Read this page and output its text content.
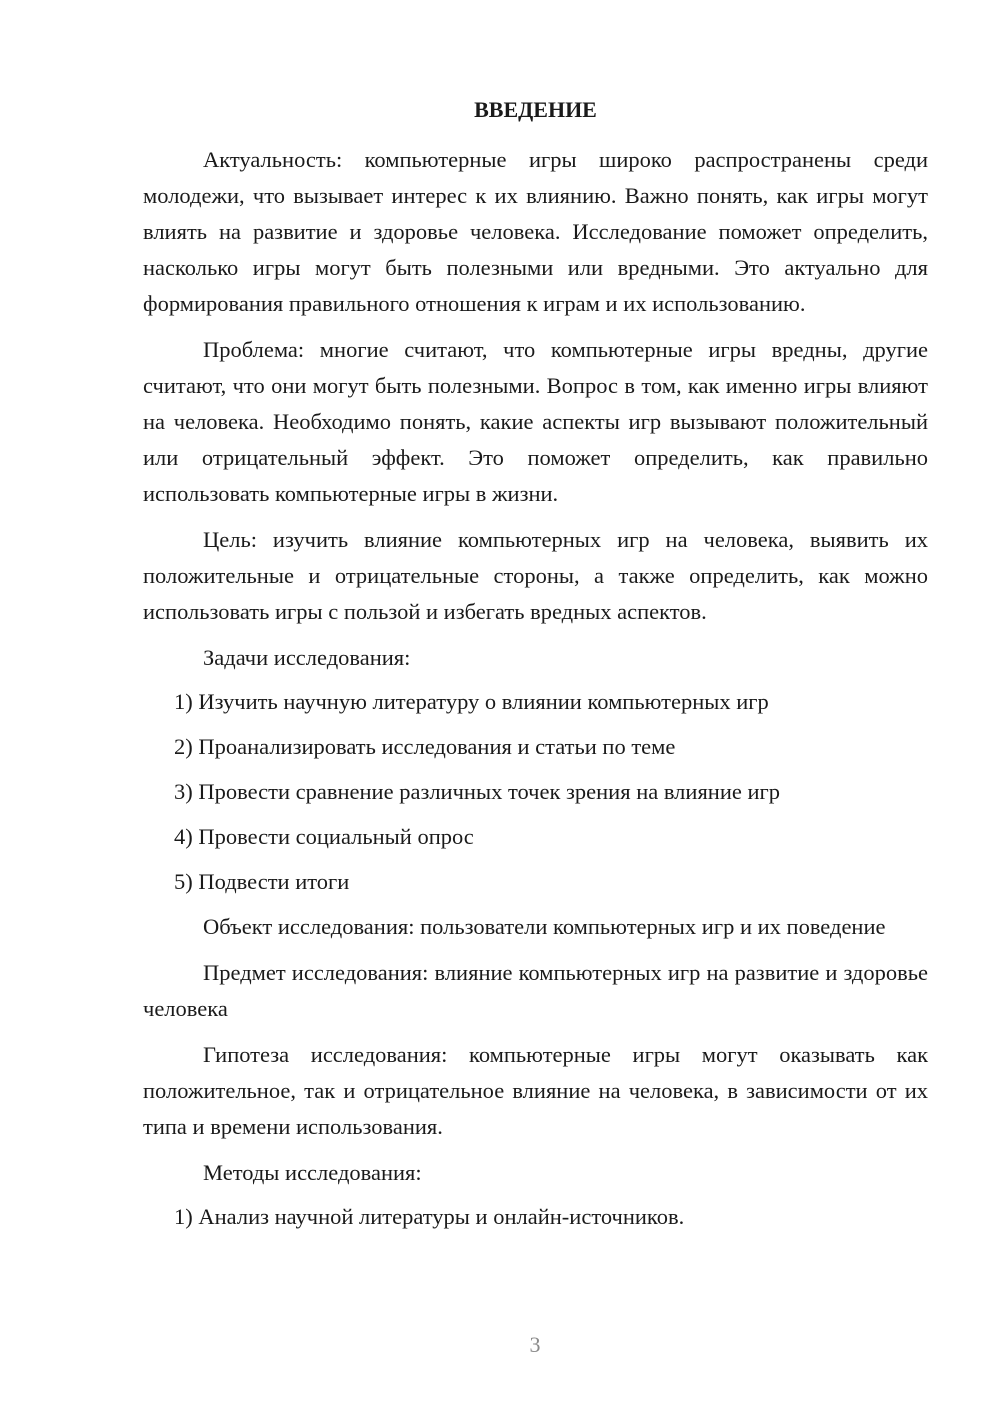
ВВЕДЕНИЕ

Актуальность: компьютерные игры широко распространены среди молодежи, что вызывает интерес к их влиянию. Важно понять, как игры могут влиять на развитие и здоровье человека. Исследование поможет определить, насколько игры могут быть полезными или вредными. Это актуально для формирования правильного отношения к играм и их использованию.

Проблема: многие считают, что компьютерные игры вредны, другие считают, что они могут быть полезными. Вопрос в том, как именно игры влияют на человека. Необходимо понять, какие аспекты игр вызывают положительный или отрицательный эффект. Это поможет определить, как правильно использовать компьютерные игры в жизни.

Цель: изучить влияние компьютерных игр на человека, выявить их положительные и отрицательные стороны, а также определить, как можно использовать игры с пользой и избегать вредных аспектов.

Задачи исследования:

1) Изучить научную литературу о влиянии компьютерных игр
2) Проанализировать исследования и статьи по теме
3) Провести сравнение различных точек зрения на влияние игр
4) Провести социальный опрос
5) Подвести итоги

Объект исследования: пользователи компьютерных игр и их поведение

Предмет исследования: влияние компьютерных игр на развитие и здоровье человека

Гипотеза исследования: компьютерные игры могут оказывать как положительное, так и отрицательное влияние на человека, в зависимости от их типа и времени использования.

Методы исследования:

1) Анализ научной литературы и онлайн-источников.
3
